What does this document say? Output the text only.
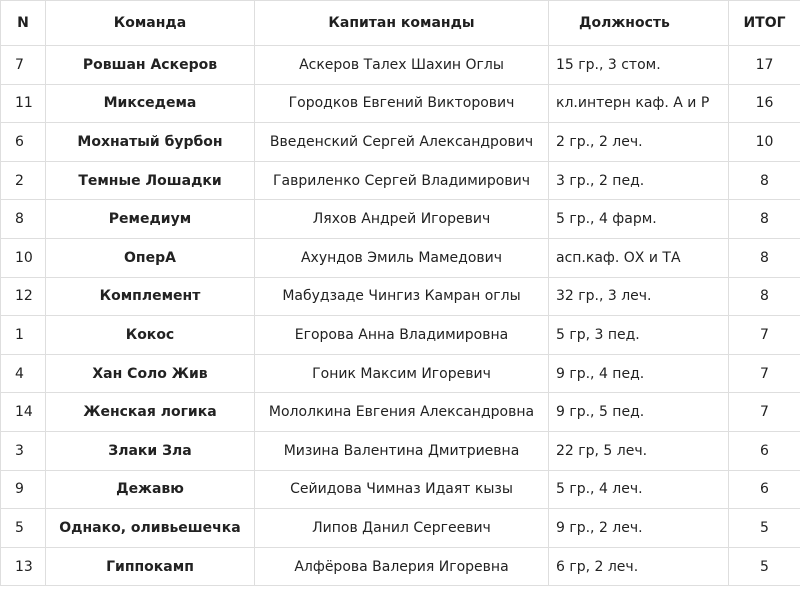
N	Команда	Капитан команды	Должность	ИТОГ
7	Ровшан Аскеров	Аскеров Талех Шахин Оглы	15 гр., 3 стом.	17
11	Микседема	Городков Евгений Викторович	кл.интерн каф. А и Р	16
6	Мохнатый бурбон	Введенский Сергей Александрович	2 гр., 2 леч.	10
2	Темные Лошадки	Гавриленко Сергей Владимирович	3 гр., 2 пед.	8
8	Ремедиум	Ляхов Андрей Игоревич	5 гр., 4 фарм.	8
10	ОперА	Ахундов Эмиль Мамедович	асп.каф. ОХ и ТА	8
12	Комплемент	Мабудзаде Чингиз Камран оглы	32 гр., 3 леч.	8
1	Кокос	Егорова Анна Владимировна	5 гр, 3 пед.	7
4	Хан Соло Жив	Гоник Максим Игоревич	9 гр., 4 пед.	7
14	Женская логика	Мололкина Евгения Александровна	9 гр., 5 пед.	7
3	Злаки Зла	Мизина Валентина Дмитриевна	22 гр, 5 леч.	6
9	Дежавю	Сейидова Чимназ Идаят кызы	5 гр., 4 леч.	6
5	Однако, оливьешечка	Липов Данил Сергеевич	9 гр., 2 леч.	5
13	Гиппокамп	Алфёрова Валерия Игоревна	6 гр, 2 леч.	5
